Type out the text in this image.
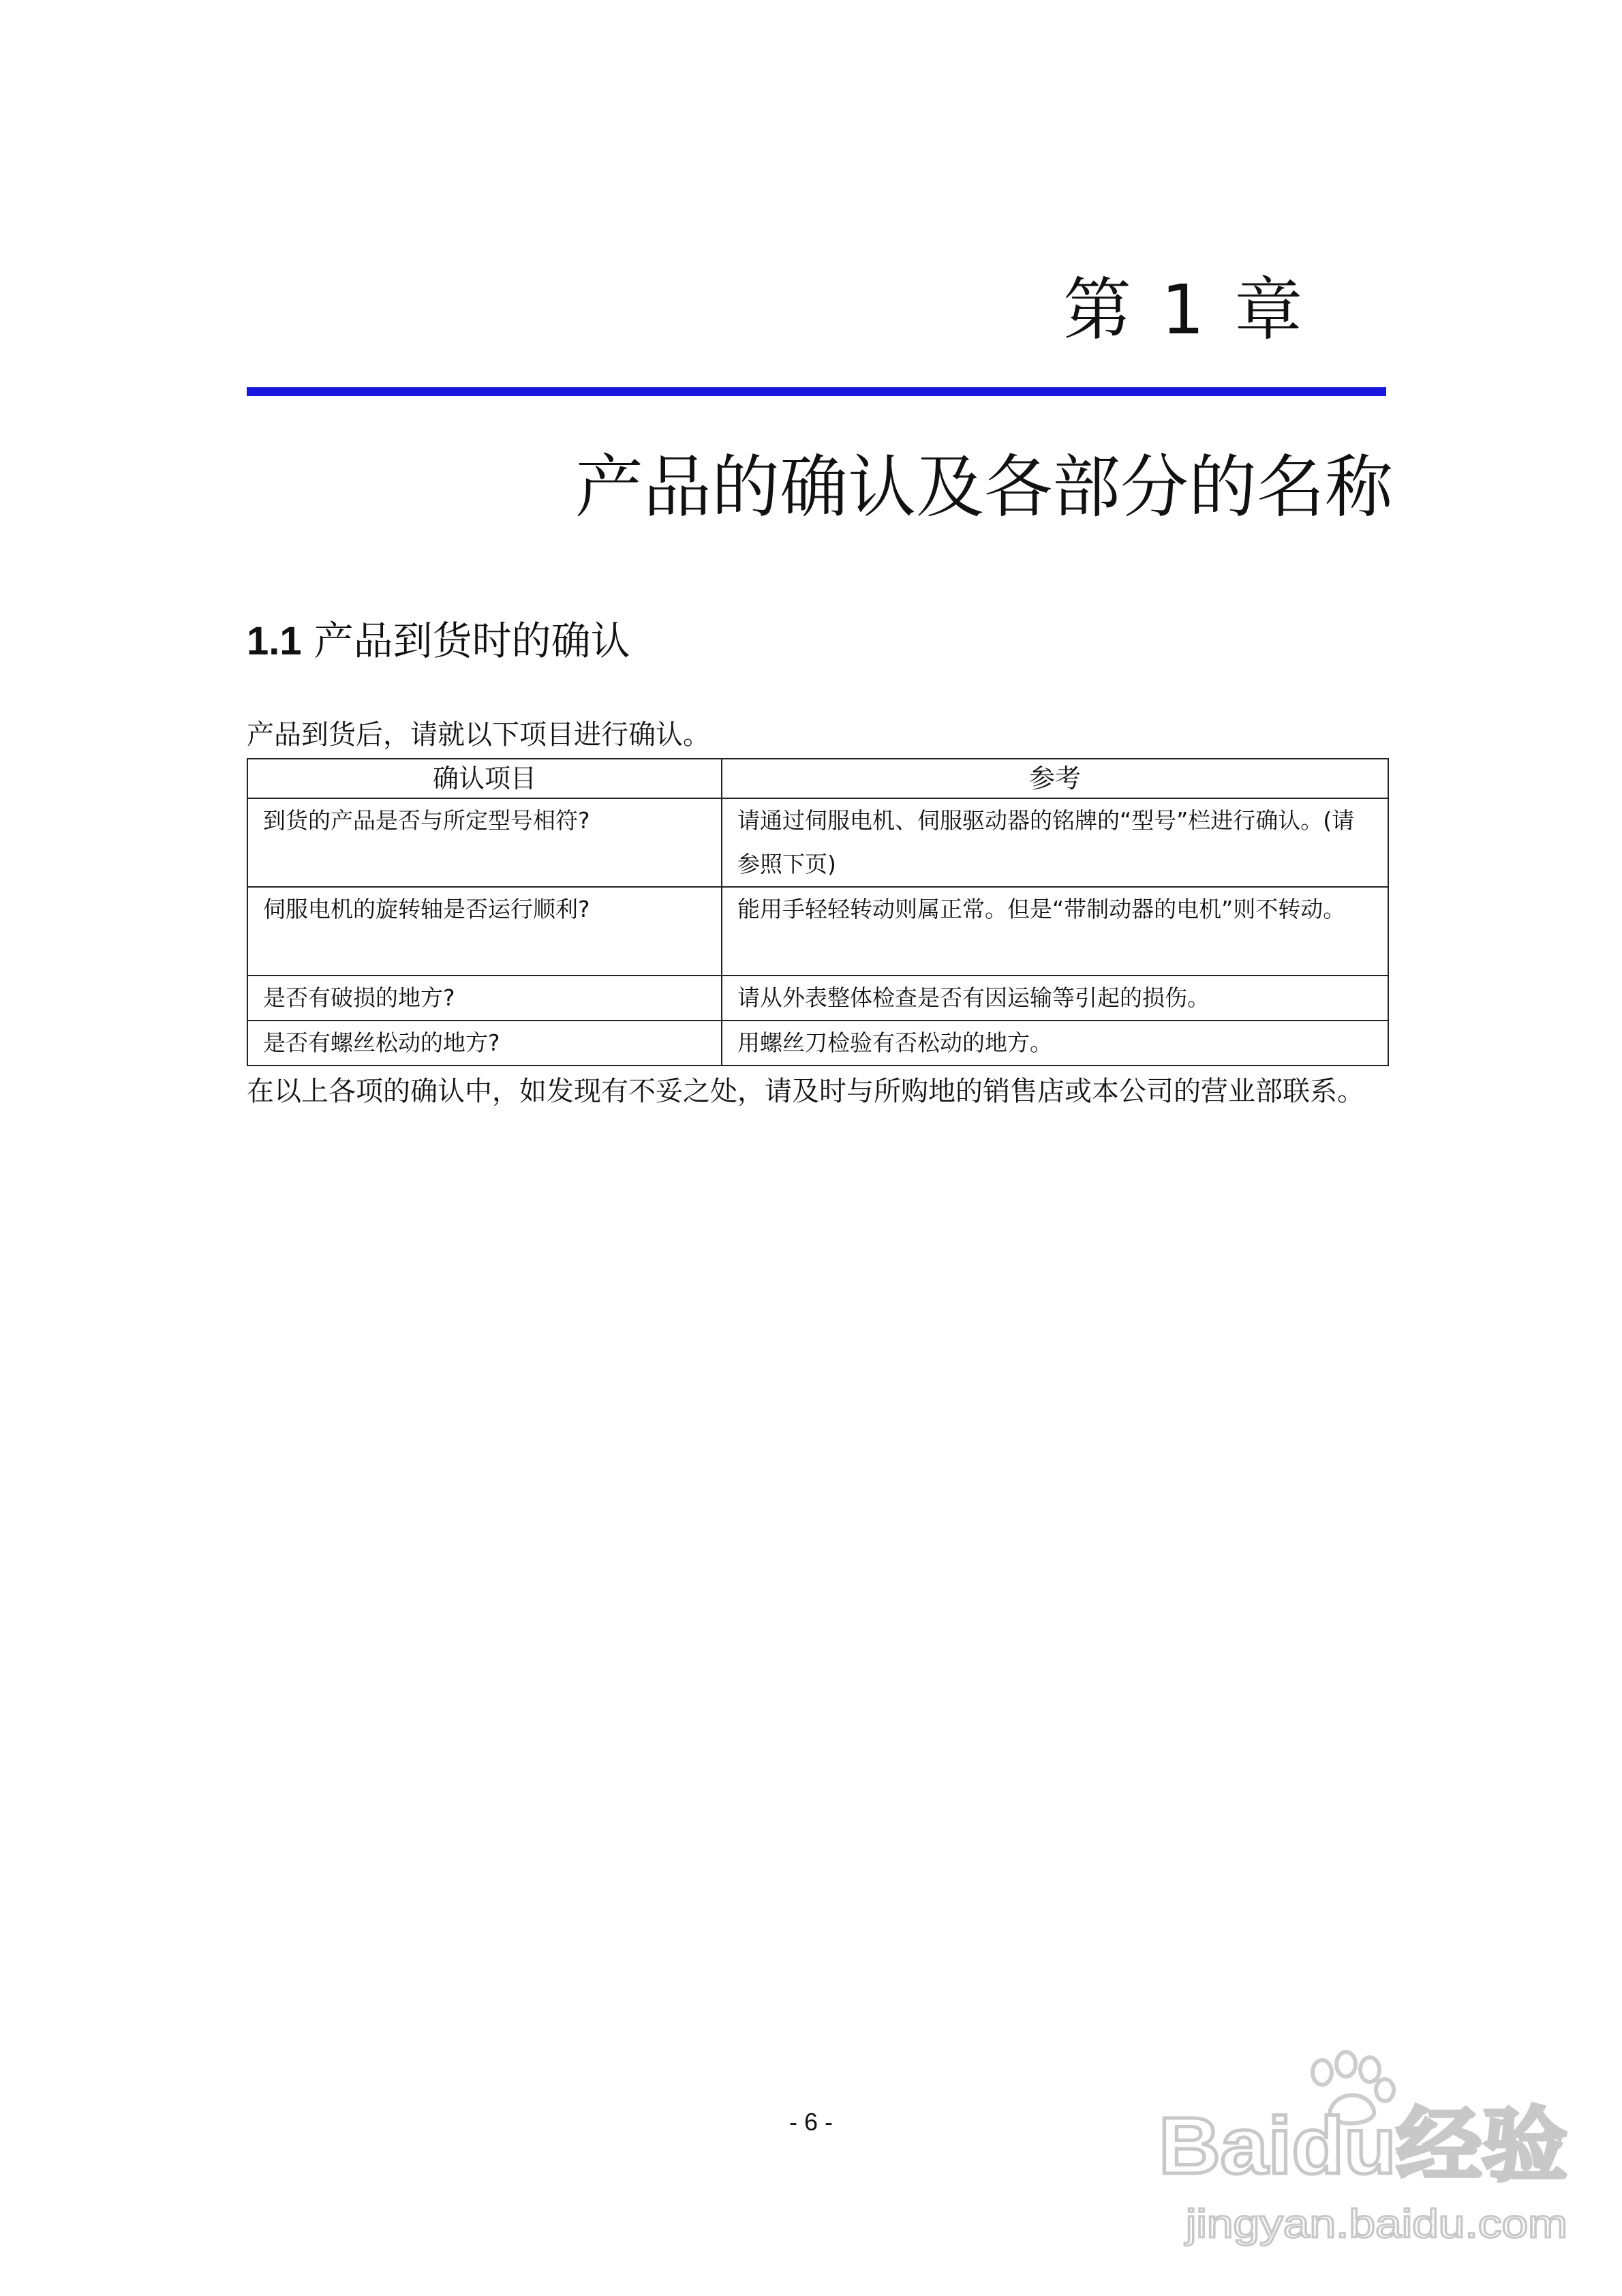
第 1 章
产品的确认及各部分的名称
1.1 产品到货时的确认
产品到货后，请就以下项目进行确认。
确认项目	参考
到货的产品是否与所定型号相符?	请通过伺服电机、伺服驱动器的铭牌的“型号”栏进行确认。(请参照下页)
伺服电机的旋转轴是否运行顺利?	能用手轻轻转动则属正常。但是“带制动器的电机”则不转动。
是否有破损的地方?	请从外表整体检查是否有因运输等引起的损伤。
是否有螺丝松动的地方?	用螺丝刀检验有否松动的地方。
在以上各项的确认中，如发现有不妥之处，请及时与所购地的销售店或本公司的营业部联系。
- 6 -	Baidu经验
jingyan.baidu.com
